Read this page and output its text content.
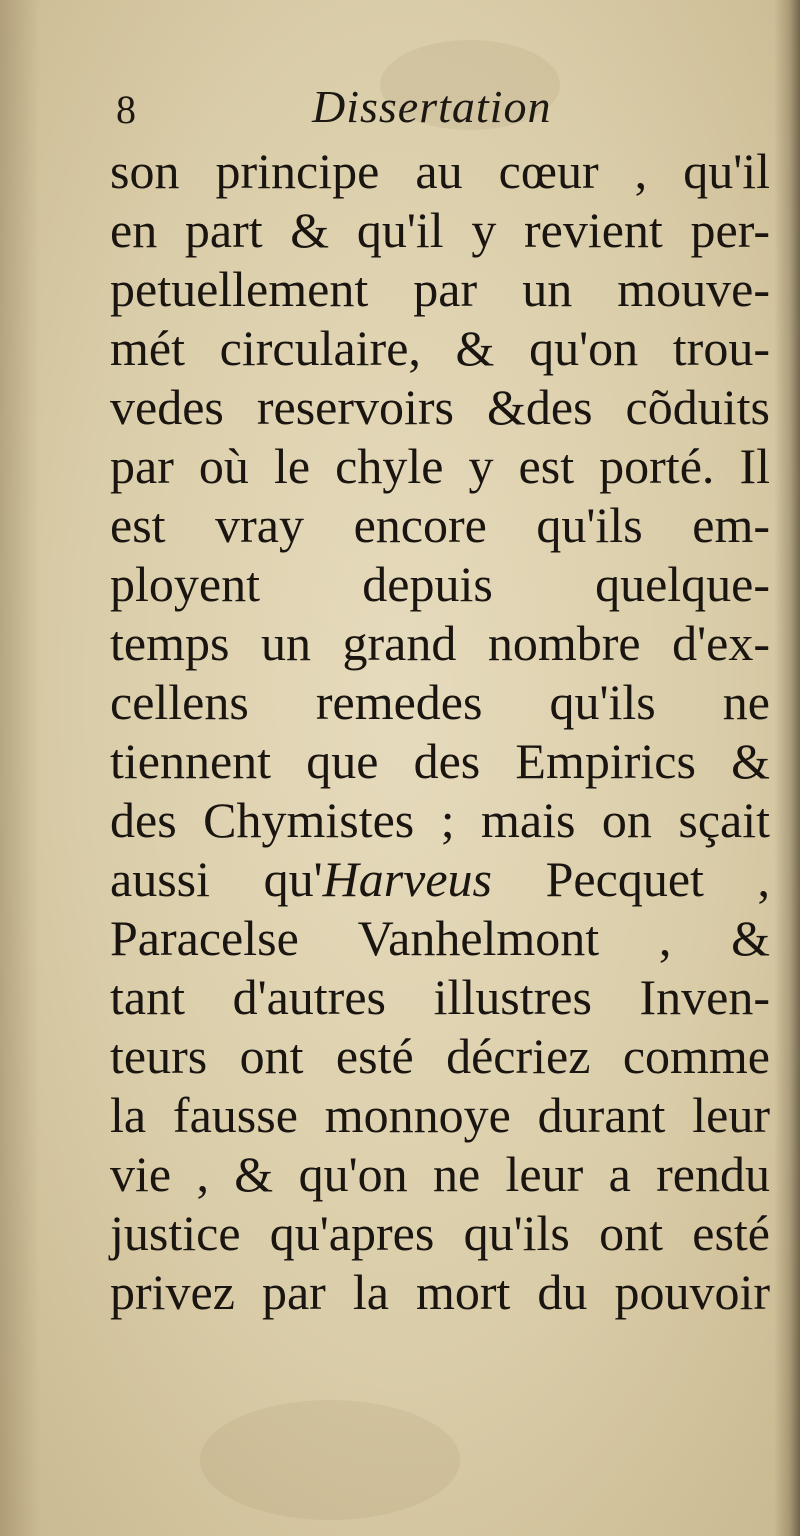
8	Dissertation
son principe au cœur , qu'il
en part & qu'il y revient per-
petuellement par un mouve-
mét circulaire, & qu'on trou-
vedes reservoirs &des cõduits
par où le chyle y est porté. Il
est vray encore qu'ils em-
ployent depuis quelque-
temps un grand nombre d'ex-
cellens remedes qu'ils ne
tiennent que des Empirics &
des Chymistes ; mais on sçait
aussi qu'Harveus Pecquet ,
Paracelse Vanhelmont , &
tant d'autres illustres Inven-
teurs ont esté décriez comme
la fausse monnoye durant leur
vie , & qu'on ne leur a rendu
justice qu'apres qu'ils ont esté
privez par la mort du pouvoir
